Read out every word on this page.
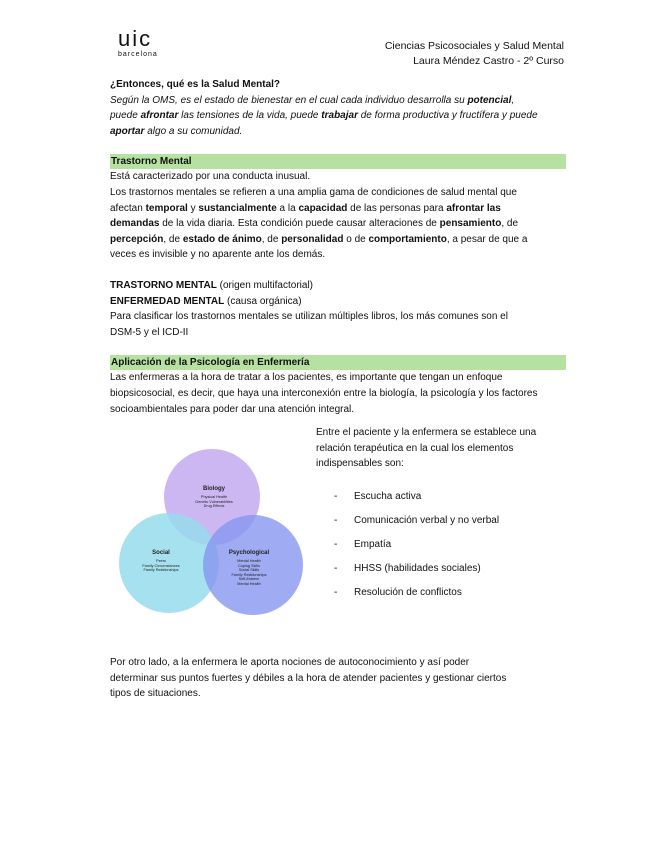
uic
barcelona
Ciencias Psicosociales y Salud Mental
Laura Méndez Castro - 2º Curso

¿Entonces, qué es la Salud Mental?

Según la OMS, es el estado de bienestar en el cual cada individuo desarrolla su potencial,
puede afrontar las tensiones de la vida, puede trabajar de forma productiva y fructífera y puede
aportar algo a su comunidad.

Trastorno Mental

Está caracterizado por una conducta inusual.

Los trastornos mentales se refieren a una amplia gama de condiciones de salud mental que
afectan temporal y sustancialmente a la capacidad de las personas para afrontar las
demandas de la vida diaria. Esta condición puede causar alteraciones de pensamiento, de
percepción, de estado de ánimo, de personalidad o de comportamiento, a pesar de que a
veces es invisible y no aparente ante los demás.

TRASTORNO MENTAL (origen multifactorial)

ENFERMEDAD MENTAL (causa orgánica)

Para clasificar los trastornos mentales se utilizan múltiples libros, los más comunes son el
DSM-5 y el ICD-II

Aplicación de la Psicología en Enfermería

Las enfermeras a la hora de tratar a los pacientes, es importante que tengan un enfoque
biopsicosocial, es decir, que haya una interconexión entre la biología, la psicología y los factores
socioambientales para poder dar una atención integral.

Biology
Physical Health
Genetic Vulnerabilities
Drug Effects
Social
Peers
Family Circumstances
Family Relationships
Psychological
Mental Health
Coping Skills
Social Skills
Family Relationships
Self-Esteem
Mental Health
Entre el paciente y la enfermera se establece una
relación terapéutica en la cual los elementos
indispensables son:
- Escucha activa
- Comunicación verbal y no verbal
- Empatía
- HHSS (habilidades sociales)
- Resolución de conflictos

Por otro lado, a la enfermera le aporta nociones de autoconocimiento y así poder
determinar sus puntos fuertes y débiles a la hora de atender pacientes y gestionar ciertos
tipos de situaciones.
